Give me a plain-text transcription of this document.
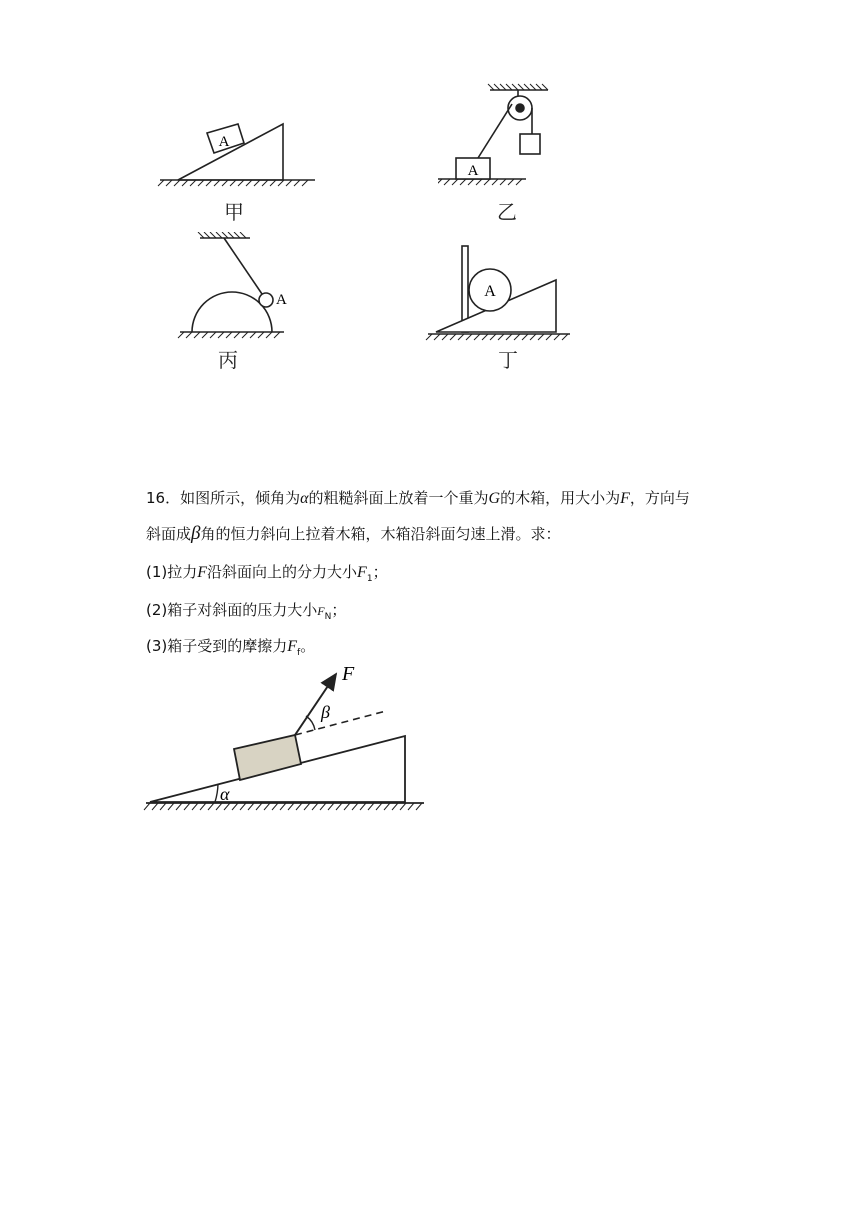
A
甲
A
乙
A
丙
A
丁
16．如图所示，倾角为α的粗糙斜面上放着一个重为G的木箱，用大小为F，方向与
斜面成β角的恒力斜向上拉着木箱，木箱沿斜面匀速上滑。求：
(1)拉力F沿斜面向上的分力大小$F_1$；
(2)箱子对斜面的压力大小$F_N$；
(3)箱子受到的摩擦力$F_f$。
F
β
α
